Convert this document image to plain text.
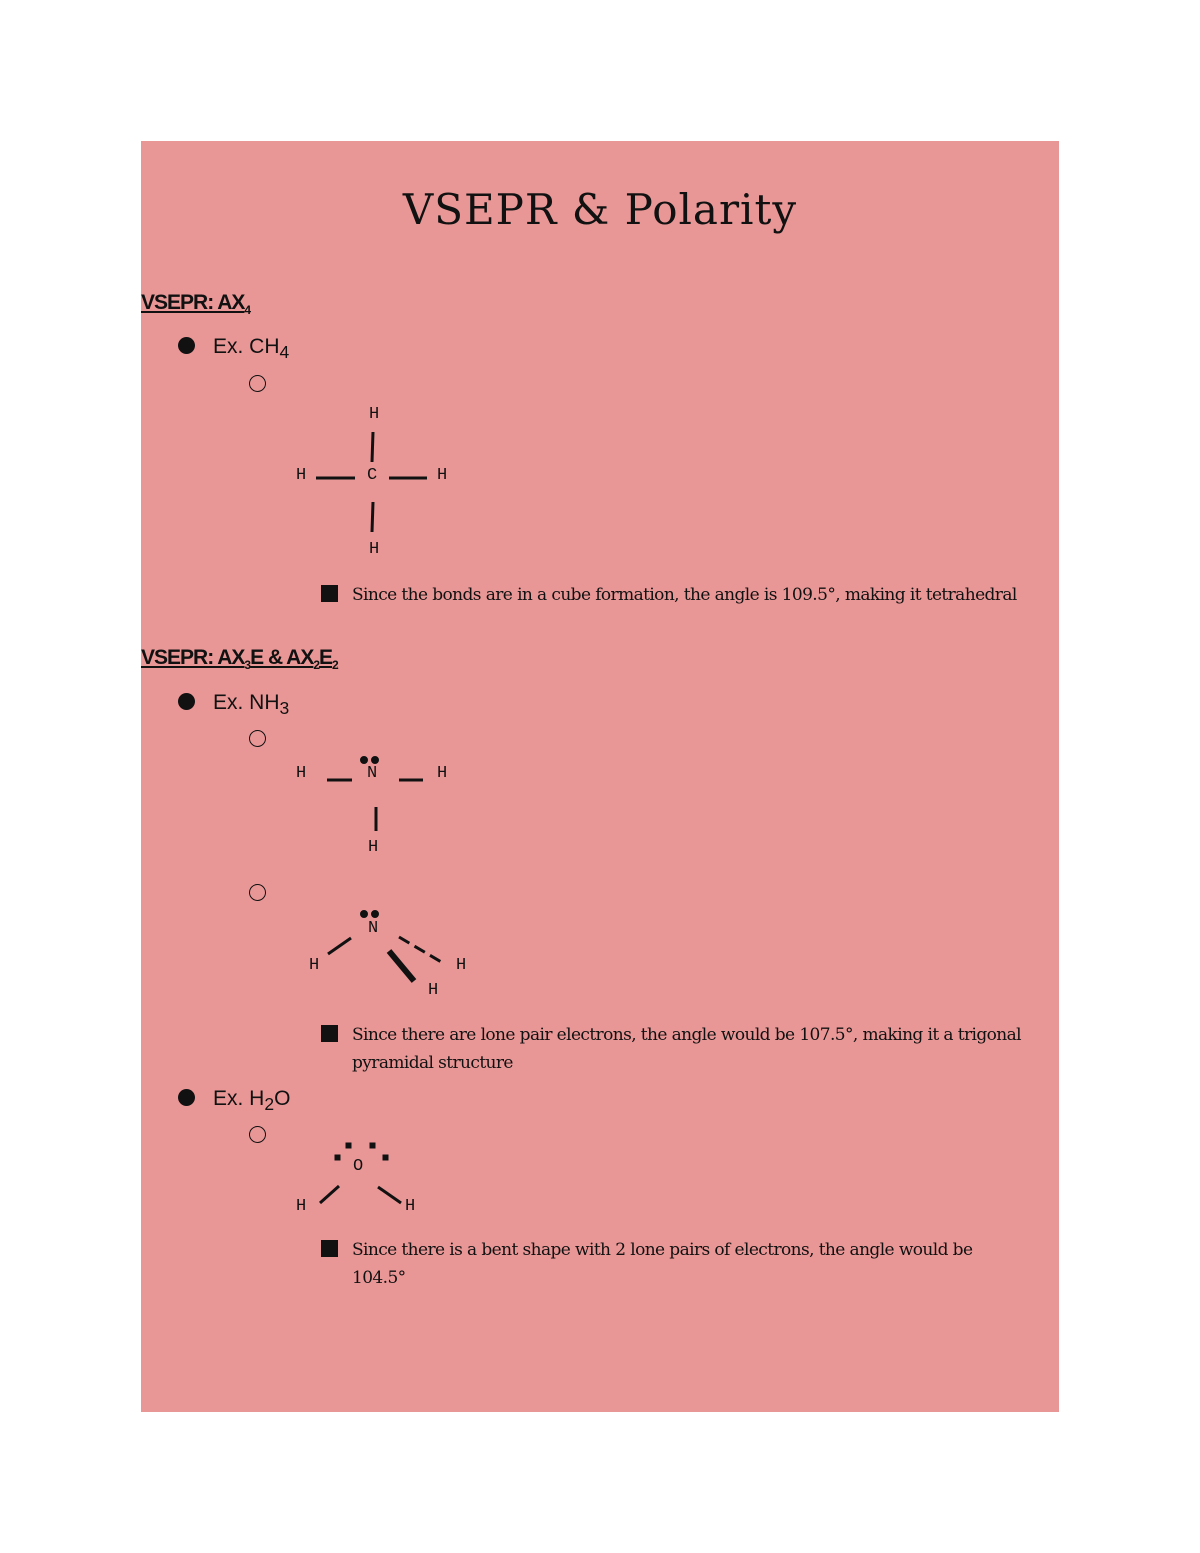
VSEPR & Polarity
VSEPR: $AX_4$
Ex. $CH_4$
H
H	C	H
H
Since the bonds are in a cube formation, the angle is 109.5°, making it tetrahedral
VSEPR: $AX_3E$ & $AX_2E_2$
Ex. $NH_3$
H	N	H
H
N
H	H
H
Since there are lone pair electrons, the angle would be 107.5°, making it a trigonal
pyramidal structure
Ex. $H_2O$
O
H	H
Since there is a bent shape with 2 lone pairs of electrons, the angle would be
104.5°
